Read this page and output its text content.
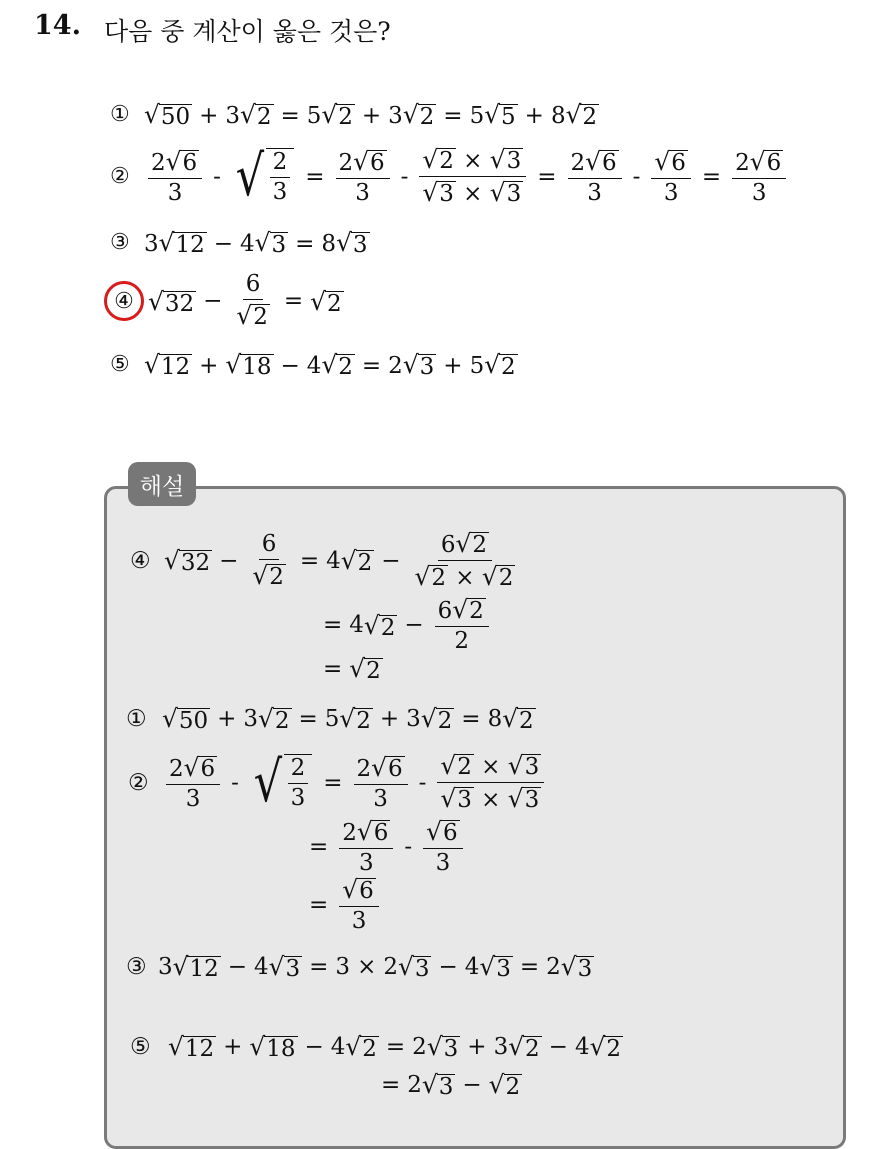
14. 다음 중 계산이 옳은 것은?
① √ 50 + 3 √ 2 = 5 √ 2 + 3 √ 2 = 5 √ 5 + 8 √ 2
② $\frac{2 √ 6}{3}$ - √ $\frac{2}{3} = \frac{2 √ 6}{3} - \frac{√ 2 \times √ 3}{√ 3 \times √ 3} = \frac{2 √ 6}{3} - \frac{√ 6}{3} = \frac{2 √ 6}{3}$
③ 3 √ 12 − 4 √ 3 = 8 √ 3
④ √ $32 - \frac{6}{√ 2}$ = √ 2
⑤ √ 12 + √ 18 − 4 √ 2 = 2 √ 3 + 5 √ 2
해설
④ √ $32 - \frac{6}{√ 2} = 4$ √ $2 - \frac{6 √ 2}{√ 2 \times √ 2}$
= 4 √ $2 - \frac{6 √ 2}{2}$
= √ 2
① √ 50 + 3 √ 2 = 5 √ 2 + 3 √ 2 = 8 √ 2
② $\frac{2 √ 6}{3}$ - √ $\frac{2}{3} = \frac{2 √ 6}{3} - \frac{√ 2 \times √ 3}{√ 3 \times √ 3}$
= $\frac{2 √ 6}{3} - \frac{√ 6}{3}$
= $\frac{√ 6}{3}$
③ 3 √ 12 − 4 √ 3 = 3 × 2 √ 3 − 4 √ 3 = 2 √ 3
⑤ √ 12 + √ 18 − 4 √ 2 = 2 √ 3 + 3 √ 2 − 4 √ 2
= 2 √ 3 − √ 2
